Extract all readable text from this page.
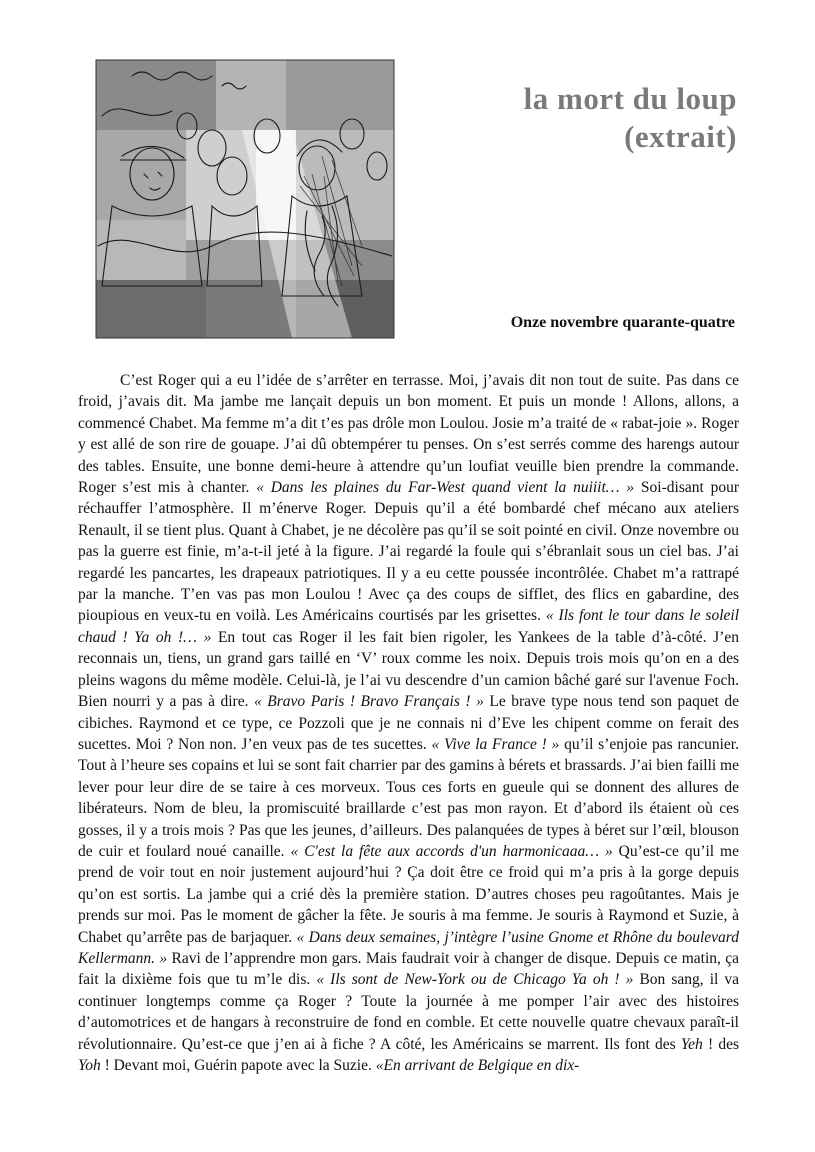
la mort du loup
(extrait)
Onze novembre quarante-quatre

C’est Roger qui a eu l’idée de s’arrêter en terrasse. Moi, j’avais dit non tout de suite. Pas dans ce froid, j’avais dit. Ma jambe me lançait depuis un bon moment. Et puis un monde ! Allons, allons, a commencé Chabet. Ma femme m’a dit t’es pas drôle mon Loulou. Josie m’a traité de « rabat-joie ». Roger y est allé de son rire de gouape. J’ai dû obtempérer tu penses. On s’est serrés comme des harengs autour des tables. Ensuite, une bonne demi-heure à attendre qu’un loufiat veuille bien prendre la commande. Roger s’est mis à chanter. « Dans les plaines du Far-West quand vient la nuiiit… » Soi-disant pour réchauffer l’atmosphère. Il m’énerve Roger. Depuis qu’il a été bombardé chef mécano aux ateliers Renault, il se tient plus. Quant à Chabet, je ne décolère pas qu’il se soit pointé en civil. Onze novembre ou pas la guerre est finie, m’a-t-il jeté à la figure. J’ai regardé la foule qui s’ébranlait sous un ciel bas. J’ai regardé les pancartes, les drapeaux patriotiques. Il y a eu cette poussée incontrôlée. Chabet m’a rattrapé par la manche. T’en vas pas mon Loulou ! Avec ça des coups de sifflet, des flics en gabardine, des pioupious en veux-tu en voilà. Les Américains courtisés par les grisettes. « Ils font le tour dans le soleil chaud ! Ya oh !… » En tout cas Roger il les fait bien rigoler, les Yankees de la table d’à-côté. J’en reconnais un, tiens, un grand gars taillé en ‘V’ roux comme les noix. Depuis trois mois qu’on en a des pleins wagons du même modèle. Celui-là, je l’ai vu descendre d’un camion bâché garé sur l'avenue Foch. Bien nourri y a pas à dire. « Bravo Paris ! Bravo Français ! » Le brave type nous tend son paquet de cibiches. Raymond et ce type, ce Pozzoli que je ne connais ni d’Eve les chipent comme on ferait des sucettes. Moi ? Non non. J’en veux pas de tes sucettes. « Vive la France ! » qu’il s’enjoie pas rancunier. Tout à l’heure ses copains et lui se sont fait charrier par des gamins à bérets et brassards. J’ai bien failli me lever pour leur dire de se taire à ces morveux. Tous ces forts en gueule qui se donnent des allures de libérateurs. Nom de bleu, la promiscuité braillarde c’est pas mon rayon. Et d’abord ils étaient où ces gosses, il y a trois mois ? Pas que les jeunes, d’ailleurs. Des palanquées de types à béret sur l’œil, blouson de cuir et foulard noué canaille. « C'est la fête aux accords d'un harmonicaaa… » Qu’est-ce qu’il me prend de voir tout en noir justement aujourd’hui ? Ça doit être ce froid qui m’a pris à la gorge depuis qu’on est sortis. La jambe qui a crié dès la première station. D’autres choses peu ragoûtantes. Mais je prends sur moi. Pas le moment de gâcher la fête. Je souris à ma femme. Je souris à Raymond et Suzie, à Chabet qu’arrête pas de barjaquer. « Dans deux semaines, j’intègre l’usine Gnome et Rhône du boulevard Kellermann. » Ravi de l’apprendre mon gars. Mais faudrait voir à changer de disque. Depuis ce matin, ça fait la dixième fois que tu m’le dis. « Ils sont de New-York ou de Chicago Ya oh ! » Bon sang, il va continuer longtemps comme ça Roger ? Toute la journée à me pomper l’air avec des histoires d’automotrices et de hangars à reconstruire de fond en comble. Et cette nouvelle quatre chevaux paraît-il révolutionnaire. Qu’est-ce que j’en ai à fiche ? A côté, les Américains se marrent. Ils font des Yeh ! des Yoh ! Devant moi, Guérin papote avec la Suzie. «En arrivant de Belgique en dix-
